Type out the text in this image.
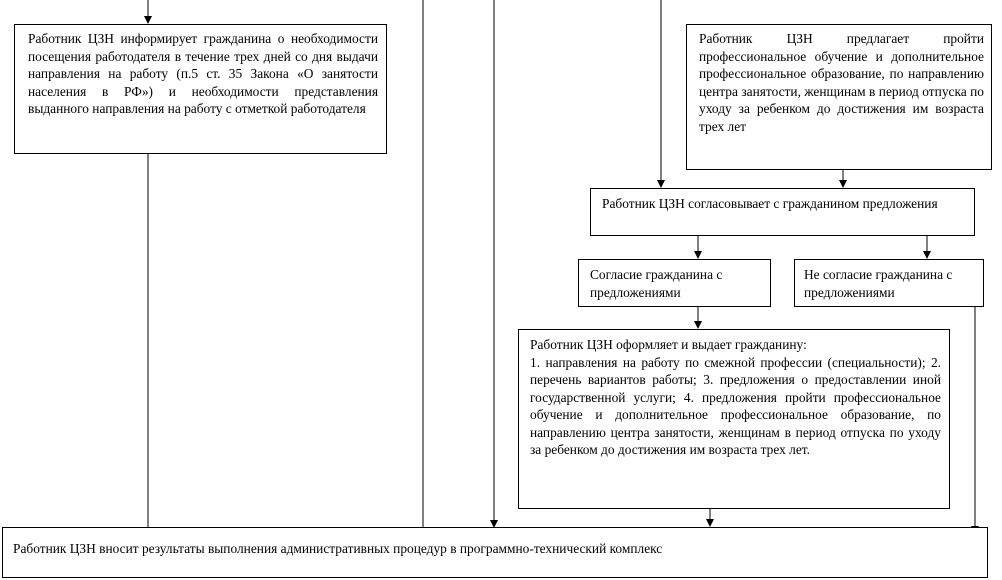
Работник ЦЗН информирует гражданина о необходимости посещения работодателя в течение трех дней со дня выдачи направления на работу (п.5 ст. 35 Закона «О занятости населения в РФ») и необходимости представления выданного направления на работу с отметкой работодателя
Работник ЦЗН предлагает пройти профессиональное обучение и дополнительное профессиональное образование, по направлению центра занятости, женщинам в период отпуска по уходу за ребенком до достижения им возраста трех лет
Работник ЦЗН согласовывает с гражданином предложения
Согласие гражданина с предложениями
Не согласие гражданина с предложениями
Работник ЦЗН оформляет и выдает гражданину:
1. направления на работу по смежной профессии (специальности); 2. перечень вариантов работы; 3. предложения о предоставлении иной государственной услуги; 4. предложения пройти профессиональное обучение и дополнительное профессиональное образование, по направлению центра занятости, женщинам в период отпуска по уходу за ребенком до достижения им возраста трех лет.
Работник ЦЗН вносит результаты выполнения административных процедур в программно-технический комплекс
